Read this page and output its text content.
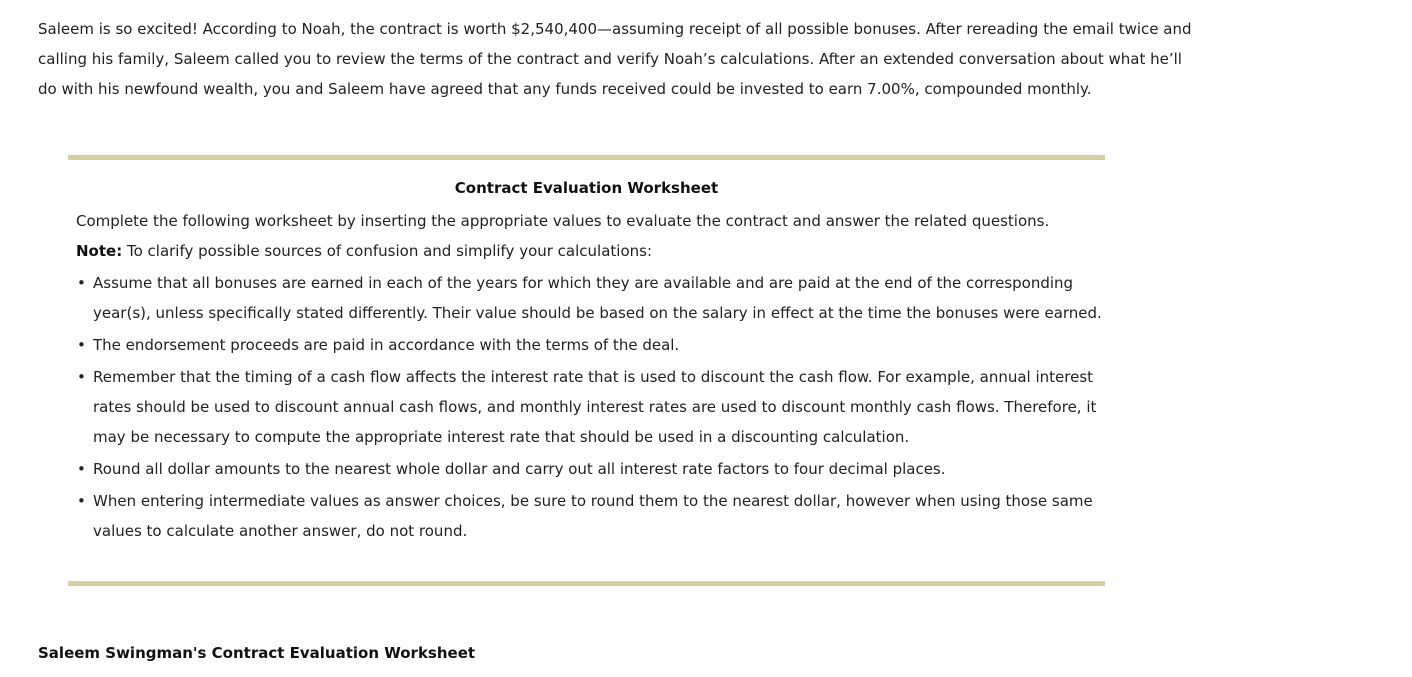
Saleem is so excited! According to Noah, the contract is worth $2,540,400—assuming receipt of all possible bonuses. After rereading the email twice and calling his family, Saleem called you to review the terms of the contract and verify Noah’s calculations. After an extended conversation about what he’ll do with his newfound wealth, you and Saleem have agreed that any funds received could be invested to earn 7.00%, compounded monthly.

Contract Evaluation Worksheet
Complete the following worksheet by inserting the appropriate values to evaluate the contract and answer the related questions.
Note: To clarify possible sources of confusion and simplify your calculations:
• Assume that all bonuses are earned in each of the years for which they are available and are paid at the end of the corresponding year(s), unless specifically stated differently. Their value should be based on the salary in effect at the time the bonuses were earned.
• The endorsement proceeds are paid in accordance with the terms of the deal.
• Remember that the timing of a cash flow affects the interest rate that is used to discount the cash flow. For example, annual interest rates should be used to discount annual cash flows, and monthly interest rates are used to discount monthly cash flows. Therefore, it may be necessary to compute the appropriate interest rate that should be used in a discounting calculation.
• Round all dollar amounts to the nearest whole dollar and carry out all interest rate factors to four decimal places.
• When entering intermediate values as answer choices, be sure to round them to the nearest dollar, however when using those same values to calculate another answer, do not round.
Saleem Swingman's Contract Evaluation Worksheet
